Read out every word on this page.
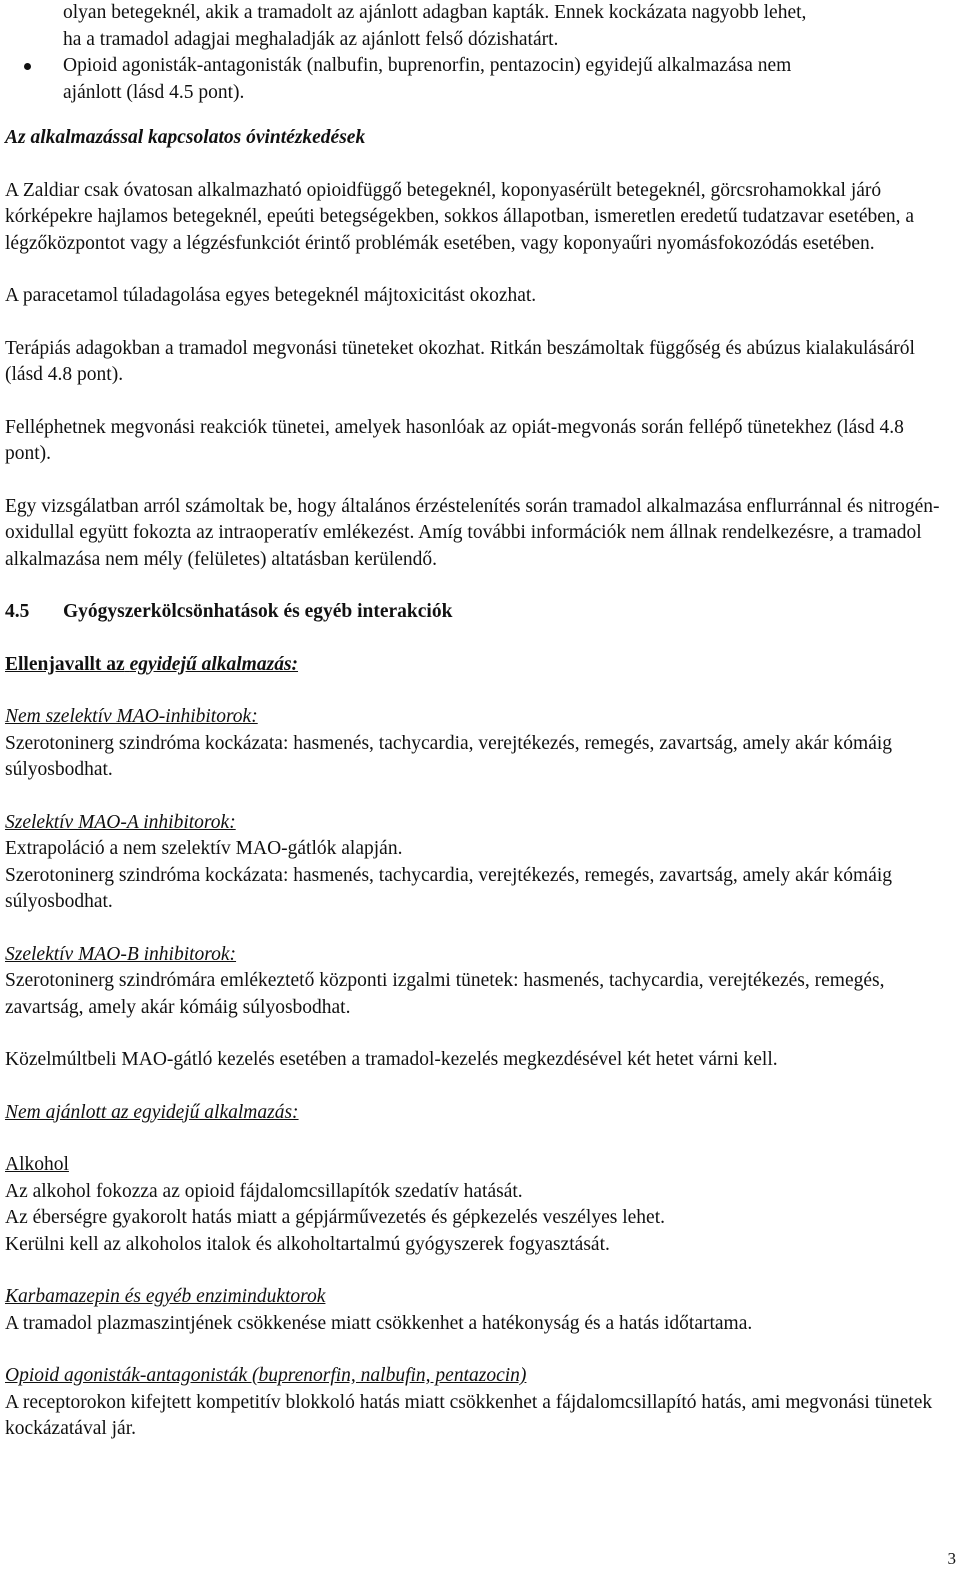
olyan betegeknél, akik a tramadolt az ajánlott adagban kapták. Ennek kockázata nagyobb lehet,
ha a tramadol adagjai meghaladják az ajánlott felső dózishatárt.
Opioid agonisták-antagonisták (nalbufin, buprenorfin, pentazocin) egyidejű alkalmazása nem
ajánlott (lásd 4.5 pont).

Az alkalmazással kapcsolatos óvintézkedések

A Zaldiar csak óvatosan alkalmazható opioidfüggő betegeknél, koponyasérült betegeknél, görcsrohamokkal járó kórképekre hajlamos betegeknél, epeúti betegségekben, sokkos állapotban, ismeretlen eredetű tudatzavar esetében, a légzőközpontot vagy a légzésfunkciót érintő problémák esetében, vagy koponyaűri nyomásfokozódás esetében.

A paracetamol túladagolása egyes betegeknél májtoxicitást okozhat.

Terápiás adagokban a tramadol megvonási tüneteket okozhat. Ritkán beszámoltak függőség és abúzus kialakulásáról (lásd 4.8 pont).

Felléphetnek megvonási reakciók tünetei, amelyek hasonlóak az opiát-megvonás során fellépő tünetekhez (lásd 4.8 pont).

Egy vizsgálatban arról számoltak be, hogy általános érzéstelenítés során tramadol alkalmazása enflurránnal és nitrogén-oxidullal együtt fokozta az intraoperatív emlékezést. Amíg további információk nem állnak rendelkezésre, a tramadol alkalmazása nem mély (felületes) altatásban kerülendő.

4.5 Gyógyszerkölcsönhatások és egyéb interakciók

Ellenjavallt az egyidejű alkalmazás:

Nem szelektív MAO-inhibitorok:

Szerotoninerg szindróma kockázata: hasmenés, tachycardia, verejtékezés, remegés, zavartság, amely akár kómáig súlyosbodhat.

Szelektív MAO-A inhibitorok:

Extrapoláció a nem szelektív MAO-gátlók alapján.

Szerotoninerg szindróma kockázata: hasmenés, tachycardia, verejtékezés, remegés, zavartság, amely akár kómáig súlyosbodhat.

Szelektív MAO-B inhibitorok:

Szerotoninerg szindrómára emlékeztető központi izgalmi tünetek: hasmenés, tachycardia, verejtékezés, remegés, zavartság, amely akár kómáig súlyosbodhat.

Közelmúltbeli MAO-gátló kezelés esetében a tramadol-kezelés megkezdésével két hetet várni kell.

Nem ajánlott az egyidejű alkalmazás:

Alkohol

Az alkohol fokozza az opioid fájdalomcsillapítók szedatív hatását.

Az éberségre gyakorolt hatás miatt a gépjárművezetés és gépkezelés veszélyes lehet.

Kerülni kell az alkoholos italok és alkoholtartalmú gyógyszerek fogyasztását.

Karbamazepin és egyéb enziminduktorok

A tramadol plazmaszintjének csökkenése miatt csökkenhet a hatékonyság és a hatás időtartama.

Opioid agonisták-antagonisták (buprenorfin, nalbufin, pentazocin)

A receptorokon kifejtett kompetitív blokkoló hatás miatt csökkenhet a fájdalomcsillapító hatás, ami megvonási tünetek kockázatával jár.

3
